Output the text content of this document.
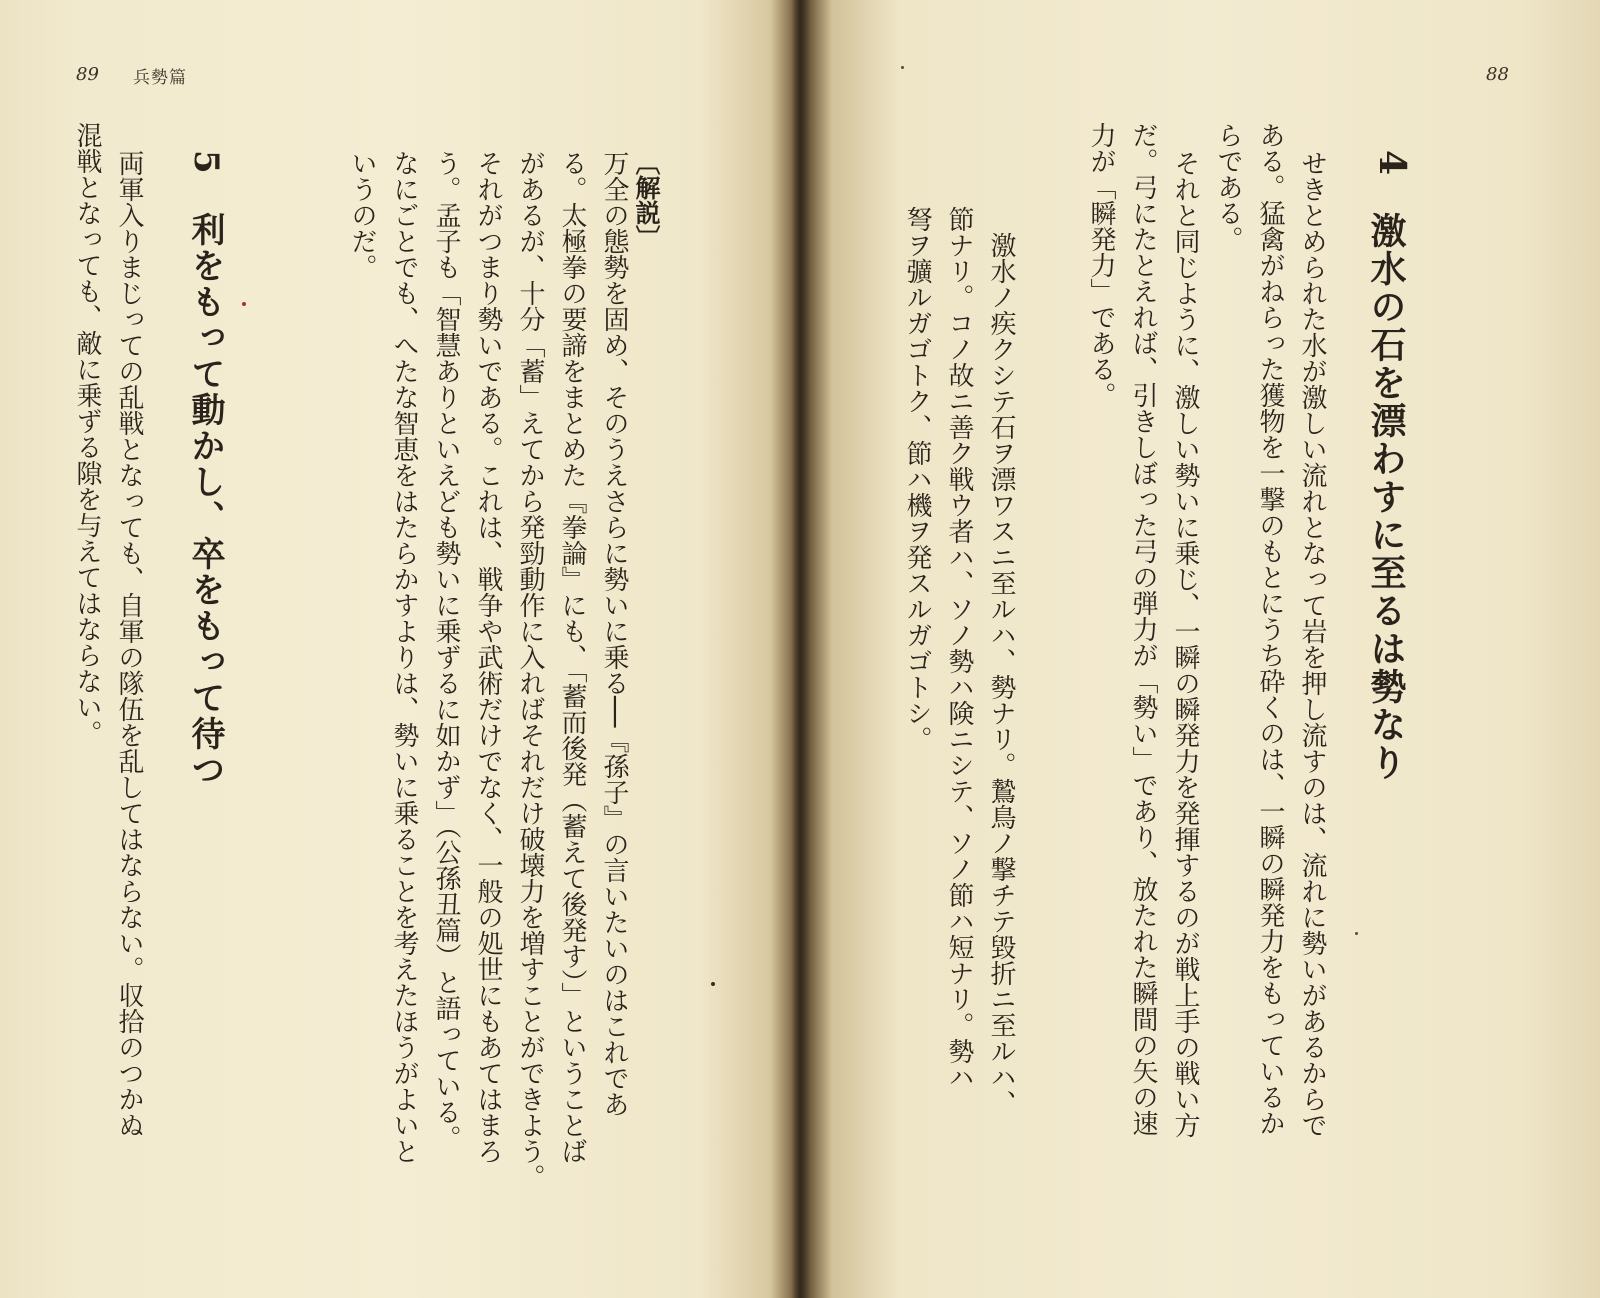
89 兵勢篇
〔解説〕
万全の態勢を固め、そのうえさらに勢いに乗る──『孫子』の言いたいのはこれであ
る。太極拳の要諦をまとめた『拳論』にも、「蓄而後発（蓄えて後発す）」ということば
があるが、十分「蓄」えてから発勁動作に入ればそれだけ破壊力を増すことができよう。
それがつまり勢いである。これは、戦争や武術だけでなく、一般の処世にもあてはまろ
う。孟子も「智慧ありといえども勢いに乗ずるに如かず」（公孫丑篇）と語っている。
なにごとでも、へたな智恵をはたらかすよりは、勢いに乗ることを考えたほうがよいと
いうのだ。
5
利をもって動かし、卒をもって待つ
両軍入りまじっての乱戦となっても、自軍の隊伍を乱してはならない。収拾のつかぬ
混戦となっても、敵に乗ずる隙を与えてはならない。
88
4
激水の石を漂わすに至るは勢なり
せきとめられた水が激しい流れとなって岩を押し流すのは、流れに勢いがあるからで
ある。猛禽がねらった獲物を一撃のもとにうち砕くのは、一瞬の瞬発力をもっているか
らである。
それと同じように、激しい勢いに乗じ、一瞬の瞬発力を発揮するのが戦上手の戦い方
だ。弓にたとえれば、引きしぼった弓の弾力が「勢い」であり、放たれた瞬間の矢の速
力が「瞬発力」である。
激水ノ疾クシテ石ヲ漂ワスニ至ルハ、勢ナリ。鷙鳥ノ撃チテ毀折ニ至ルハ、
節ナリ。コノ故ニ善ク戦ウ者ハ、ソノ勢ハ険ニシテ、ソノ節ハ短ナリ。勢ハ
弩ヲ彍ルガゴトク、節ハ機ヲ発スルガゴトシ。
